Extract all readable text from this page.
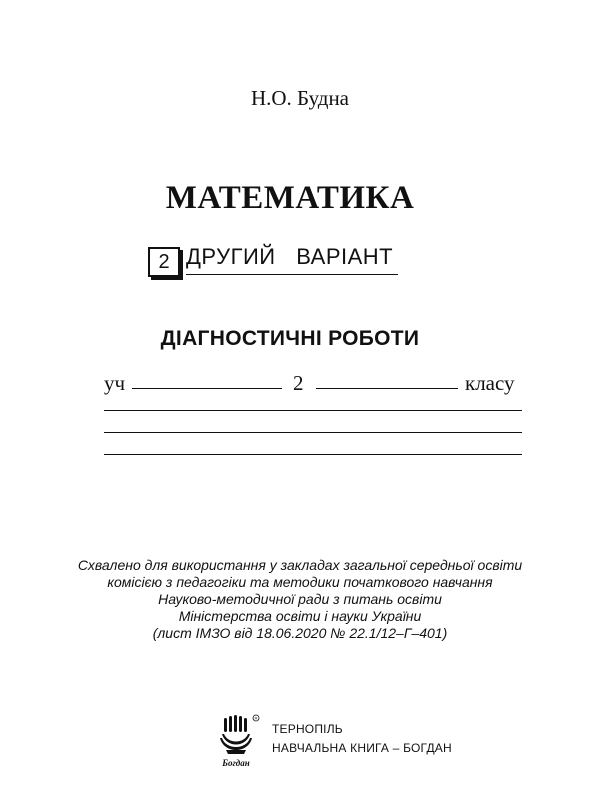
Н.О. Будна
МАТЕМАТИКА
2 ДРУГИЙ ВАРІАНТ
ДІАГНОСТИЧНІ РОБОТИ
уч	2	класу
Схвалено для використання у закладах загальної середньої освіти
комісією з педагогіки та методики початкового навчання
Науково-методичної ради з питань освіти
Міністерства освіти і науки України
(лист ІМЗО від 18.06.2020 № 22.1/12–Г–401)
R
Богдан
ТЕРНОПІЛЬ
НАВЧАЛЬНА КНИГА – БОГДАН
